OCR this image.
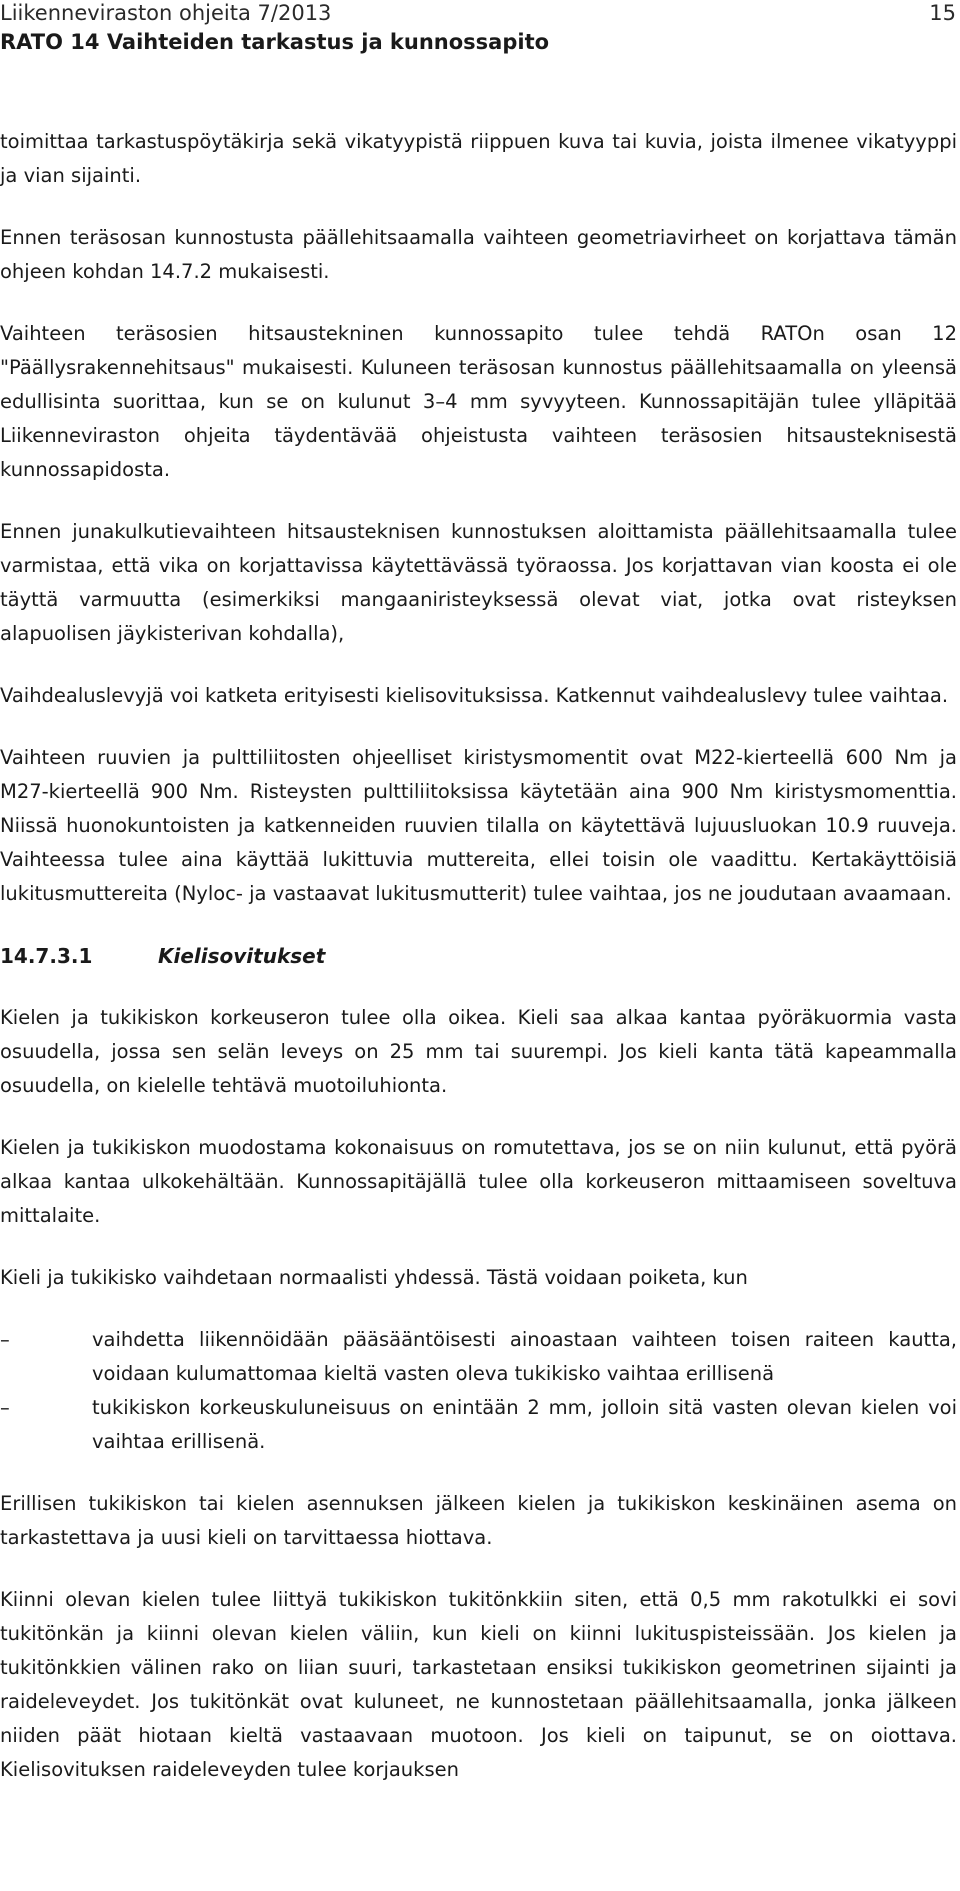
Liikenneviraston ohjeita 7/2013
RATO 14 Vaihteiden tarkastus ja kunnossapito
15

toimittaa tarkastuspöytäkirja sekä vikatyypistä riippuen kuva tai kuvia, joista ilmenee vikatyyppi ja vian sijainti.

Ennen teräsosan kunnostusta päällehitsaamalla vaihteen geometriavirheet on korjattava tämän ohjeen kohdan 14.7.2 mukaisesti.

Vaihteen teräsosien hitsaustekninen kunnossapito tulee tehdä RATOn osan 12 "Päällysrakennehitsaus" mukaisesti. Kuluneen teräsosan kunnostus päällehitsaamalla on yleensä edullisinta suorittaa, kun se on kulunut 3–4 mm syvyyteen. Kunnossapitäjän tulee ylläpitää Liikenneviraston ohjeita täydentävää ohjeistusta vaihteen teräsosien hitsausteknisestä kunnossapidosta.

Ennen junakulkutievaihteen hitsausteknisen kunnostuksen aloittamista päällehitsaamalla tulee varmistaa, että vika on korjattavissa käytettävässä työraossa. Jos korjattavan vian koosta ei ole täyttä varmuutta (esimerkiksi mangaaniristeyksessä olevat viat, jotka ovat risteyksen alapuolisen jäykisterivan kohdalla),

Vaihdealuslevyjä voi katketa erityisesti kielisovituksissa. Katkennut vaihdealuslevy tulee vaihtaa.

Vaihteen ruuvien ja pulttiliitosten ohjeelliset kiristysmomentit ovat M22-kierteellä 600 Nm ja M27-kierteellä 900 Nm. Risteysten pulttiliitoksissa käytetään aina 900 Nm kiristysmomenttia. Niissä huonokuntoisten ja katkenneiden ruuvien tilalla on käytettävä lujuusluokan 10.9 ruuveja. Vaihteessa tulee aina käyttää lukittuvia muttereita, ellei toisin ole vaadittu. Kertakäyttöisiä lukitusmuttereita (Nyloc- ja vastaavat lukitusmutterit) tulee vaihtaa, jos ne joudutaan avaamaan.

14.7.3.1	Kielisovitukset

Kielen ja tukikiskon korkeuseron tulee olla oikea. Kieli saa alkaa kantaa pyöräkuormia vasta osuudella, jossa sen selän leveys on 25 mm tai suurempi. Jos kieli kanta tätä kapeammalla osuudella, on kielelle tehtävä muotoiluhionta.

Kielen ja tukikiskon muodostama kokonaisuus on romutettava, jos se on niin kulunut, että pyörä alkaa kantaa ulkokehältään. Kunnossapitäjällä tulee olla korkeuseron mittaamiseen soveltuva mittalaite.

Kieli ja tukikisko vaihdetaan normaalisti yhdessä. Tästä voidaan poiketa, kun

–	vaihdetta liikennöidään pääsääntöisesti ainoastaan vaihteen toisen raiteen kautta, voidaan kulumattomaa kieltä vasten oleva tukikisko vaihtaa erillisenä
–	tukikiskon korkeuskuluneisuus on enintään 2 mm, jolloin sitä vasten olevan kielen voi vaihtaa erillisenä.

Erillisen tukikiskon tai kielen asennuksen jälkeen kielen ja tukikiskon keskinäinen asema on tarkastettava ja uusi kieli on tarvittaessa hiottava.

Kiinni olevan kielen tulee liittyä tukikiskon tukitönkkiin siten, että 0,5 mm rakotulkki ei sovi tukitönkän ja kiinni olevan kielen väliin, kun kieli on kiinni lukituspisteissään. Jos kielen ja tukitönkkien välinen rako on liian suuri, tarkastetaan ensiksi tukikiskon geometrinen sijainti ja raideleveydet. Jos tukitönkät ovat kuluneet, ne kunnostetaan päällehitsaamalla, jonka jälkeen niiden päät hiotaan kieltä vastaavaan muotoon. Jos kieli on taipunut, se on oiottava. Kielisovituksen raideleveyden tulee korjauksen
